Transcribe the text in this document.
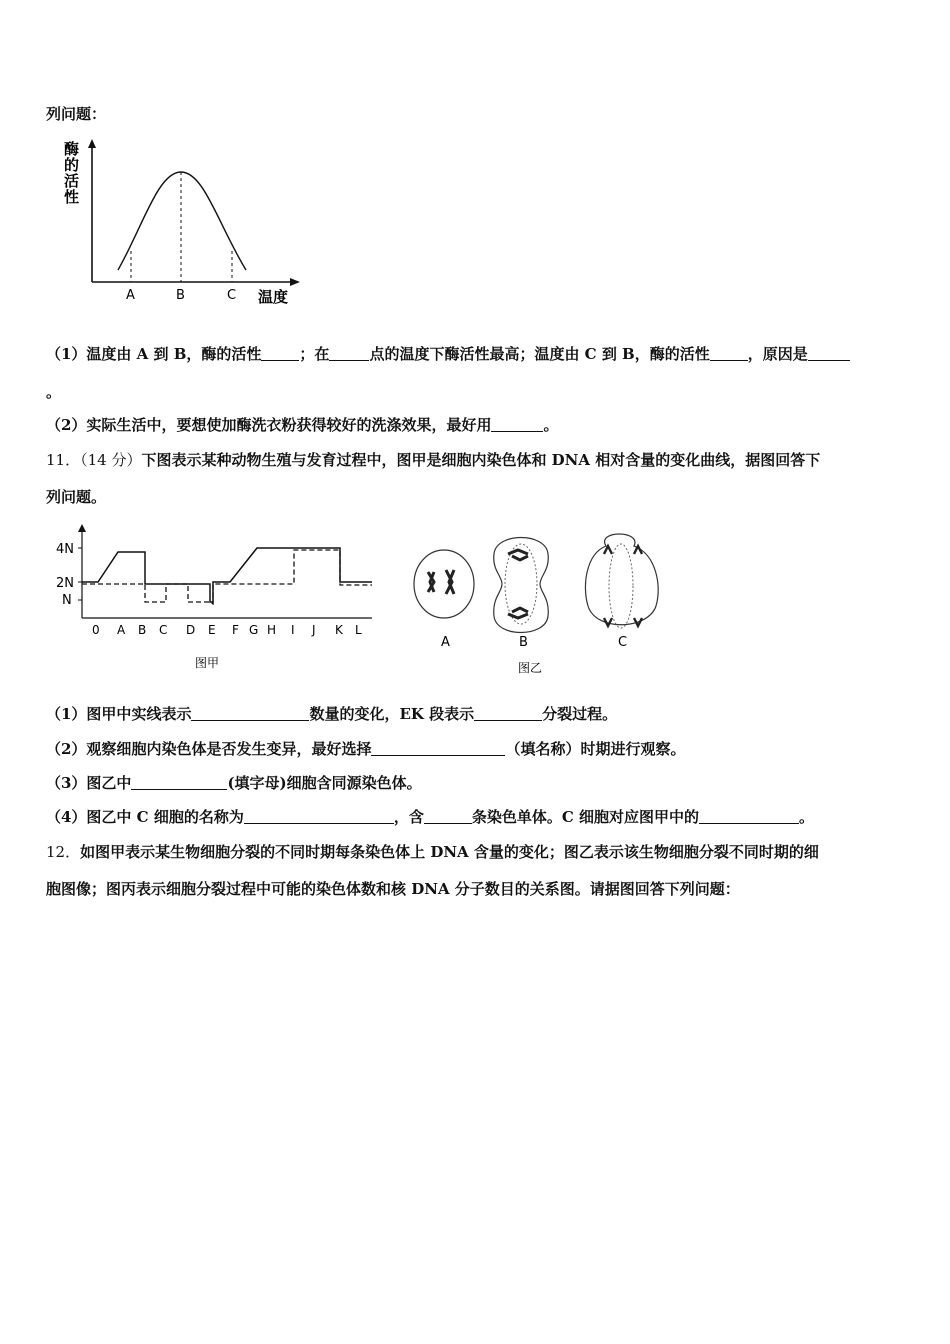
列问题：
酶
的
活
性
A	B	C 温度
（1）温度由 A 到 B，酶的活性	；在	点的温度下酶活性最高；温度由 C 到 B，酶的活性	，原因是
。
（2）实际生活中，要想使加酶洗衣粉获得较好的洗涤效果，最好用	。
11．（14 分）下图表示某种动物生殖与发育过程中，图甲是细胞内染色体和 DNA 相对含量的变化曲线，据图回答下
列问题。
4N
2N
N
0 A B C D E F G H I J K L
图甲
A	B	C
图乙
（1）图甲中实线表示	数量的变化，EK 段表示	分裂过程。
（2）观察细胞内染色体是否发生变异，最好选择	（填名称）时期进行观察。
（3）图乙中	(填字母)细胞含同源染色体。
（4）图乙中 C 细胞的名称为	，含	条染色单体。C 细胞对应图甲中的	。
12．如图甲表示某生物细胞分裂的不同时期每条染色体上 DNA 含量的变化；图乙表示该生物细胞分裂不同时期的细
胞图像；图丙表示细胞分裂过程中可能的染色体数和核 DNA 分子数目的关系图。请据图回答下列问题：
